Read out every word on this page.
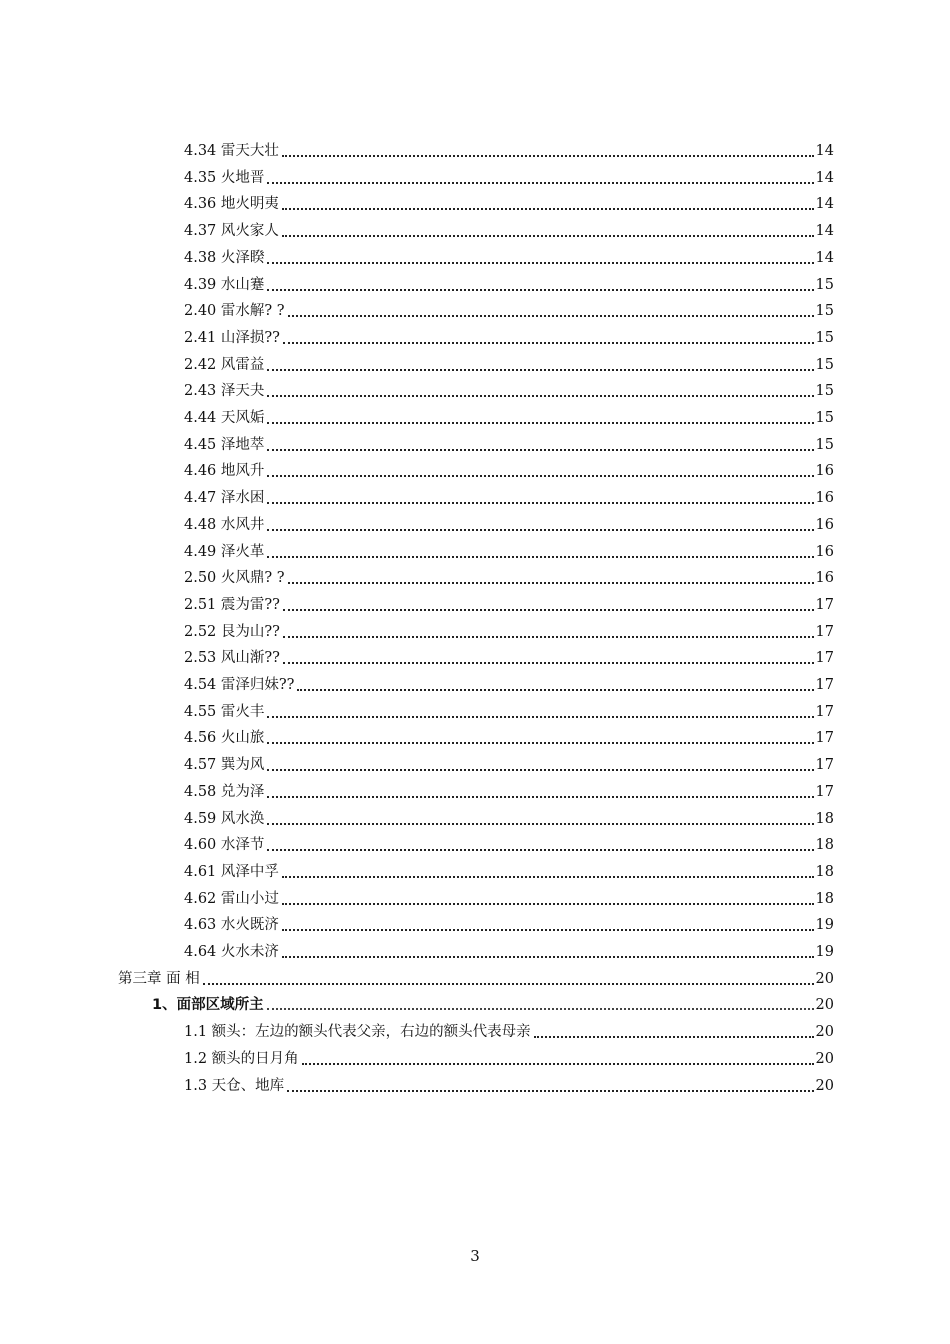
4.34 雷天大壮	14
4.35 火地晋	14
4.36 地火明夷	14
4.37 风火家人	14
4.38 火泽睽	14
4.39 水山蹇	15
2.40 雷水解? ?	15
2.41 山泽损??	15
2.42 风雷益	15
2.43 泽天夬	15
4.44 天风姤	15
4.45 泽地萃	15
4.46 地风升	16
4.47 泽水困	16
4.48 水风井	16
4.49 泽火革	16
2.50 火风鼎? ?	16
2.51 震为雷??	17
2.52 艮为山??	17
2.53 风山渐??	17
4.54 雷泽归妹??	17
4.55 雷火丰	17
4.56 火山旅	17
4.57 巽为风	17
4.58 兑为泽	17
4.59 风水涣	18
4.60 水泽节	18
4.61 风泽中孚	18
4.62 雷山小过	18
4.63 水火既济	19
4.64 火水未济	19
第三章 面 相	20
1、面部区域所主	20
1.1 额头：左边的额头代表父亲，右边的额头代表母亲	20
1.2 额头的日月角	20
1.3 天仓、地库	20
3
